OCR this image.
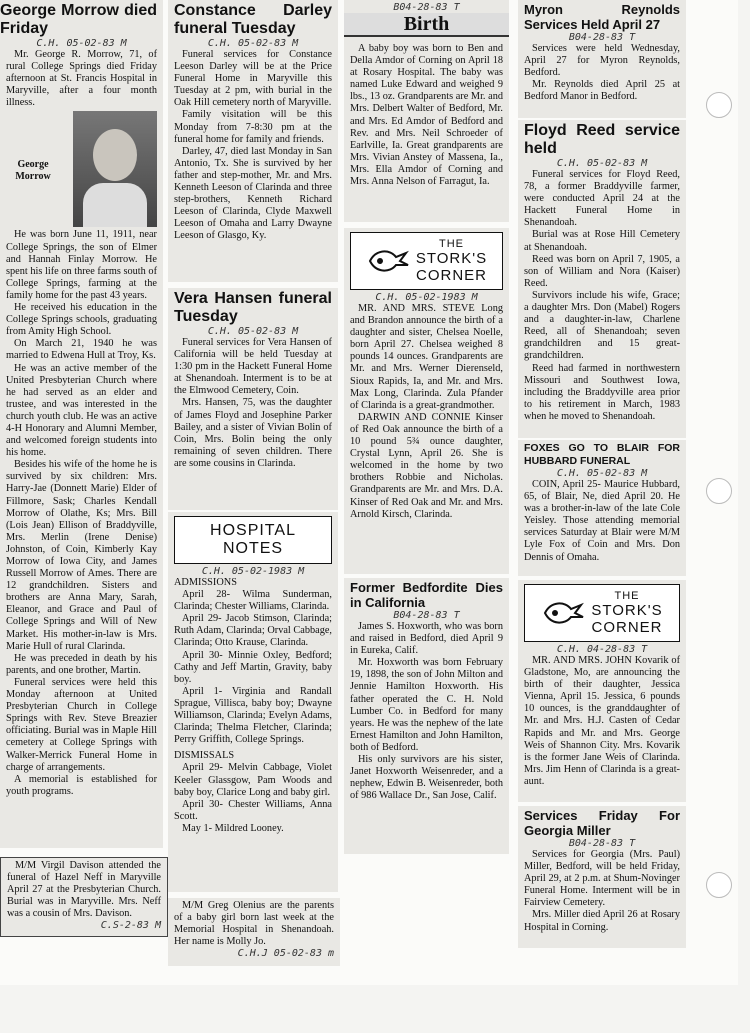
George Morrow died Friday
C.H. 05-02-83 M

Mr. George R. Morrow, 71, of rural College Springs died Friday afternoon at St. Francis Hospital in Maryville, after a four month illness.

George Morrow

He was born June 11, 1911, near College Springs, the son of Elmer and Hannah Finlay Morrow. He spent his life on three farms south of College Springs, farming at the family home for the past 43 years.

He received his education in the College Springs schools, graduating from Amity High School.

On March 21, 1940 he was married to Edwena Hull at Troy, Ks.

He was an active member of the United Presbyterian Church where he had served as an elder and trustee, and was interested in the church youth club. He was an active 4-H Honorary and Alumni Member, and welcomed foreign students into his home.

Besides his wife of the home he is survived by six children: Mrs. Harry-Jae (Donnett Marie) Elder of Fillmore, Sask; Charles Kendall Morrow of Olathe, Ks; Mrs. Bill (Lois Jean) Ellison of Braddyville, Mrs. Merlin (Irene Denise) Johnston, of Coin, Kimberly Kay Morrow of Iowa City, and James Russell Morrow of Ames. There are 12 grandchildren. Sisters and brothers are Anna Mary, Sarah, Eleanor, and Grace and Paul of College Springs and Will of New Market. His mother-in-law is Mrs. Marie Hull of rural Clarinda.

He was preceded in death by his parents, and one brother, Martin.

Funeral services were held this Monday afternoon at United Presbyterian Church in College Springs with Rev. Steve Breazier officiating. Burial was in Maple Hill cemetery at College Springs with Walker-Merrick Funeral Home in charge of arrangements.

A memorial is established for youth programs.

M/M Virgil Davison attended the funeral of Hazel Neff in Maryville April 27 at the Presbyterian Church. Burial was in Maryville. Mrs. Neff was a cousin of Mrs. Davison.

C.S-2-83 M
Constance Darley funeral Tuesday
C.H. 05-02-83 M

Funeral services for Constance Leeson Darley will be at the Price Funeral Home in Maryville this Tuesday at 2 pm, with burial in the Oak Hill cemetery north of Maryville.

Family visitation will be this Monday from 7-8:30 pm at the funeral home for family and friends.

Darley, 47, died last Monday in San Antonio, Tx. She is survived by her father and step-mother, Mr. and Mrs. Kenneth Leeson of Clarinda and three step-brothers, Kenneth Richard Leeson of Clarinda, Clyde Maxwell Leeson of Omaha and Larry Dwayne Leeson of Glasgo, Ky.

Vera Hansen funeral Tuesday
C.H. 05-02-83 M

Funeral services for Vera Hansen of California will be held Tuesday at 1:30 pm in the Hackett Funeral Home at Shenandoah. Interment is to be at the Elmwood Cemetery, Coin.

Mrs. Hansen, 75, was the daughter of James Floyd and Josephine Parker Bailey, and a sister of Vivian Bolin of Coin, Mrs. Bolin being the only remaining of seven children. There are some cousins in Clarinda.

HOSPITAL
NOTES
C.H. 05-02-1983 M
ADMISSIONS

April 28- Wilma Sunderman, Clarinda; Chester Williams, Clarinda.

April 29- Jacob Stimson, Clarinda; Ruth Adam, Clarinda; Orval Cabbage, Clarinda; Otto Krause, Clarinda.

April 30- Minnie Oxley, Bedford; Cathy and Jeff Martin, Gravity, baby boy.

April 1- Virginia and Randall Sprague, Villisca, baby boy; Dwayne Williamson, Clarinda; Evelyn Adams, Clarinda; Thelma Fletcher, Clarinda; Perry Griffith, College Springs.

DISMISSALS

April 29- Melvin Cabbage, Violet Keeler Glassgow, Pam Woods and baby boy, Clarice Long and baby girl.

April 30- Chester Williams, Anna Scott.

May 1- Mildred Looney.

M/M Greg Olenius are the parents of a baby girl born last week at the Memorial Hospital in Shenandoah. Her name is Molly Jo.

C.H.J 05-02-83 m
B04-28-83 T
Birth

A baby boy was born to Ben and Della Amdor of Corning on April 18 at Rosary Hospital. The baby was named Luke Edward and weighed 9 lbs., 13 oz. Grandparents are Mr. and Mrs. Delbert Walter of Bedford, Mr. and Mrs. Ed Amdor of Bedford and Rev. and Mrs. Neil Schroeder of Earlville, Ia. Great grandparents are Mrs. Vivian Anstey of Massena, Ia., Mrs. Ella Amdor of Corning and Mrs. Anna Nelson of Farragut, Ia.

THE
STORK'S
CORNER
C.H. 05-02-1983 M

MR. AND MRS. STEVE Long and Brandon announce the birth of a daughter and sister, Chelsea Noelle, born April 27. Chelsea weighed 8 pounds 14 ounces. Grandparents are Mr. and Mrs. Werner Dierenseld, Sioux Rapids, Ia, and Mr. and Mrs. Max Long, Clarinda. Zula Pfander of Clarinda is a great-grandmother.

DARWIN AND CONNIE Kinser of Red Oak announce the birth of a 10 pound 5¾ ounce daughter, Crystal Lynn, April 26. She is welcomed in the home by two brothers Robbie and Nicholas. Grandparents are Mr. and Mrs. D.A. Kinser of Red Oak and Mr. and Mrs. Arnold Kirsch, Clarinda.

Former Bedfordite Dies in California
B04-28-83 T

James S. Hoxworth, who was born and raised in Bedford, died April 9 in Eureka, Calif.

Mr. Hoxworth was born February 19, 1898, the son of John Milton and Jennie Hamilton Hoxworth. His father operated the C. H. Nold Lumber Co. in Bedford for many years. He was the nephew of the late Ernest Hamilton and John Hamilton, both of Bedford.

His only survivors are his sister, Janet Hoxworth Weisenreder, and a nephew, Edwin B. Weisenreder, both of 986 Wallace Dr., San Jose, Calif.

Myron Reynolds Services Held April 27
B04-28-83 T

Services were held Wednesday, April 27 for Myron Reynolds, Bedford.

Mr. Reynolds died April 25 at Bedford Manor in Bedford.

Floyd Reed service held
C.H. 05-02-83 M

Funeral services for Floyd Reed, 78, a former Braddyville farmer, were conducted April 24 at the Hackett Funeral Home in Shenandoah.

Burial was at Rose Hill Cemetery at Shenandoah.

Reed was born on April 7, 1905, a son of William and Nora (Kaiser) Reed.

Survivors include his wife, Grace; a daughter Mrs. Don (Mabel) Rogers and a daughter-in-law, Charlene Reed, all of Shenandoah; seven grandchildren and 15 great-grandchildren.

Reed had farmed in northwestern Missouri and Southwest Iowa, including the Braddyville area prior to his retirement in March, 1983 when he moved to Shenandoah.

FOXES GO TO BLAIR FOR HUBBARD FUNERAL
C.H. 05-02-83 M

COIN, April 25- Maurice Hubbard, 65, of Blair, Ne, died April 20. He was a brother-in-law of the late Cole Yeisley. Those attending memorial services Saturday at Blair were M/M Lyle Fox of Coin and Mrs. Don Dennis of Omaha.

THE
STORK'S
CORNER
C.H. 04-28-83 T

MR. AND MRS. JOHN Kovarik of Gladstone, Mo, are announcing the birth of their daughter, Jessica Vienna, April 15. Jessica, 6 pounds 10 ounces, is the granddaughter of Mr. and Mrs. H.J. Casten of Cedar Rapids and Mr. and Mrs. George Weis of Shannon City. Mrs. Kovarik is the former Jane Weis of Clarinda. Mrs. Jim Henn of Clarinda is a great-aunt.

Services Friday For Georgia Miller
B04-28-83 T

Services for Georgia (Mrs. Paul) Miller, Bedford, will be held Friday, April 29, at 2 p.m. at Shum-Novinger Funeral Home. Interment will be in Fairview Cemetery.

Mrs. Miller died April 26 at Rosary Hospital in Corning.
